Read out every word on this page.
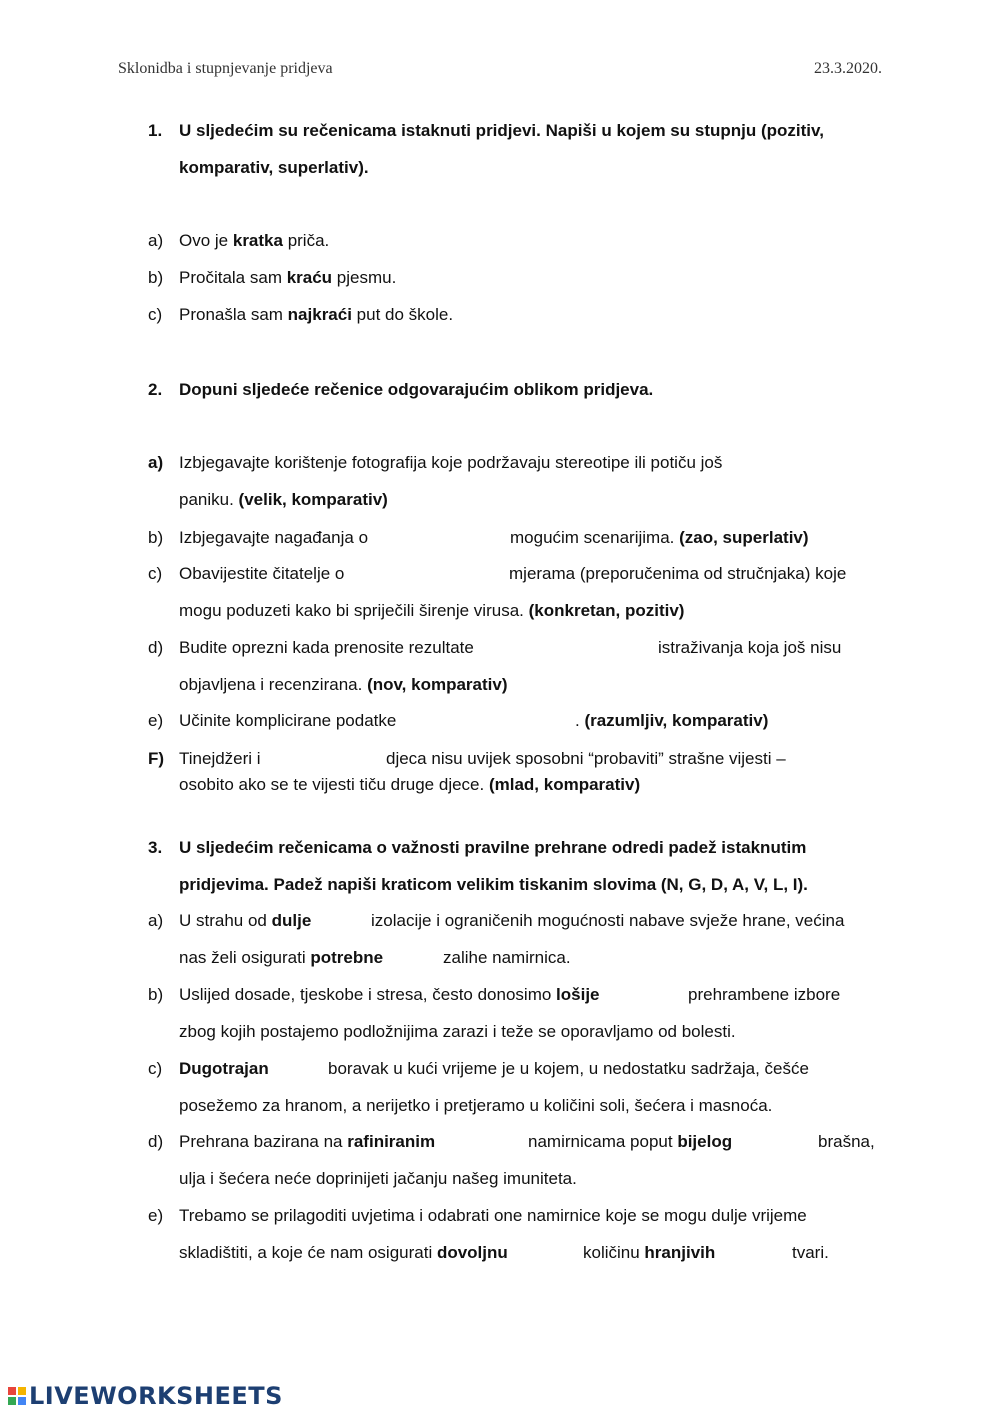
Sklonidba i stupnjevanje pridjeva	23.3.2020.
1. U sljedećim su rečenicama istaknuti pridjevi. Napiši u kojem su stupnju (pozitiv,
komparativ, superlativ).
a) Ovo je kratka priča.
b) Pročitala sam kraću pjesmu.
c) Pronašla sam najkraći put do škole.
2. Dopuni sljedeće rečenice odgovarajućim oblikom pridjeva.
a) Izbjegavajte korištenje fotografija koje podržavaju stereotipe ili potiču još
paniku. (velik, komparativ)
b) Izbjegavajte nagađanja o	mogućim scenarijima. (zao, superlativ)
c) Obavijestite čitatelje o	mjerama (preporučenima od stručnjaka) koje
mogu poduzeti kako bi spriječili širenje virusa. (konkretan, pozitiv)
d) Budite oprezni kada prenosite rezultate	istraživanja koja još nisu
objavljena i recenzirana. (nov, komparativ)
e) Učinite komplicirane podatke	. (razumljiv, komparativ)
F) Tinejdžeri i	djeca nisu uvijek sposobni “probaviti” strašne vijesti –
osobito ako se te vijesti tiču druge djece. (mlad, komparativ)
3. U sljedećim rečenicama o važnosti pravilne prehrane odredi padež istaknutim
pridjevima. Padež napiši kraticom velikim tiskanim slovima (N, G, D, A, V, L, I).
a) U strahu od dulje	izolacije i ograničenih mogućnosti nabave svježe hrane, većina
nas želi osigurati potrebne	zalihe namirnica.
b) Uslijed dosade, tjeskobe i stresa, često donosimo lošije	prehrambene izbore
zbog kojih postajemo podložnijima zarazi i teže se oporavljamo od bolesti.
c) Dugotrajan	boravak u kući vrijeme je u kojem, u nedostatku sadržaja, češće
posežemo za hranom, a nerijetko i pretjeramo u količini soli, šećera i masnoća.
d) Prehrana bazirana na rafiniranim	namirnicama poput bijelog	brašna,
ulja i šećera neće doprinijeti jačanju našeg imuniteta.
e) Trebamo se prilagoditi uvjetima i odabrati one namirnice koje se mogu dulje vrijeme
skladištiti, a koje će nam osigurati dovoljnu	količinu hranjivih	tvari.
LIVEWORKSHEETS
